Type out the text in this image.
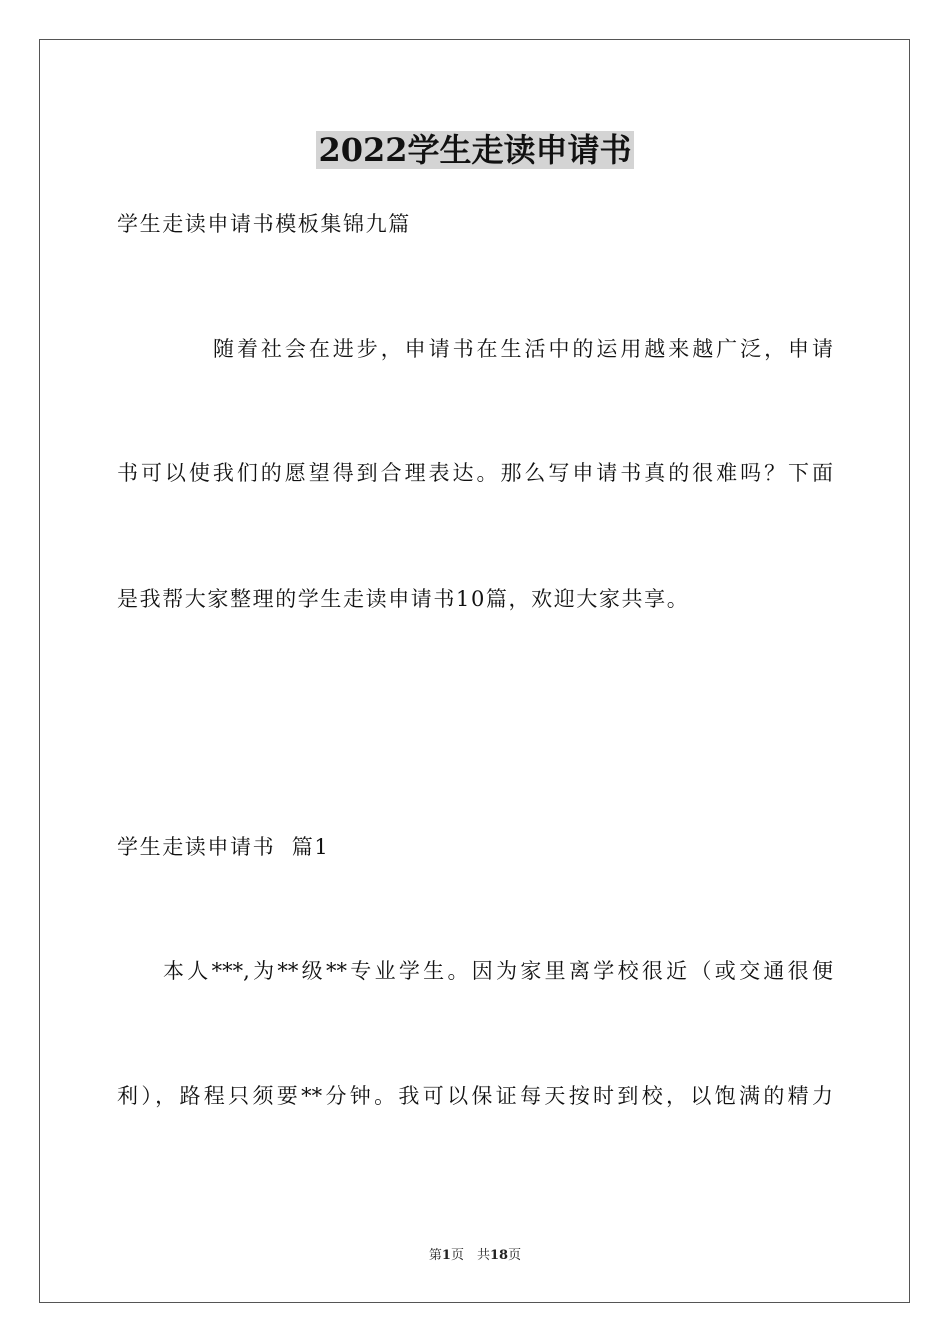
2022学生走读申请书
学生走读申请书模板集锦九篇
随着社会在进步，申请书在生活中的运用越来越广泛，申请
书可以使我们的愿望得到合理表达。那么写申请书真的很难吗？下面
是我帮大家整理的学生走读申请书10篇，欢迎大家共享。
学生走读申请书  篇1
本人***,为**级**专业学生。因为家里离学校很近（或交通很便
利），路程只须要**分钟。我可以保证每天按时到校，以饱满的精力
第1页　共18页
